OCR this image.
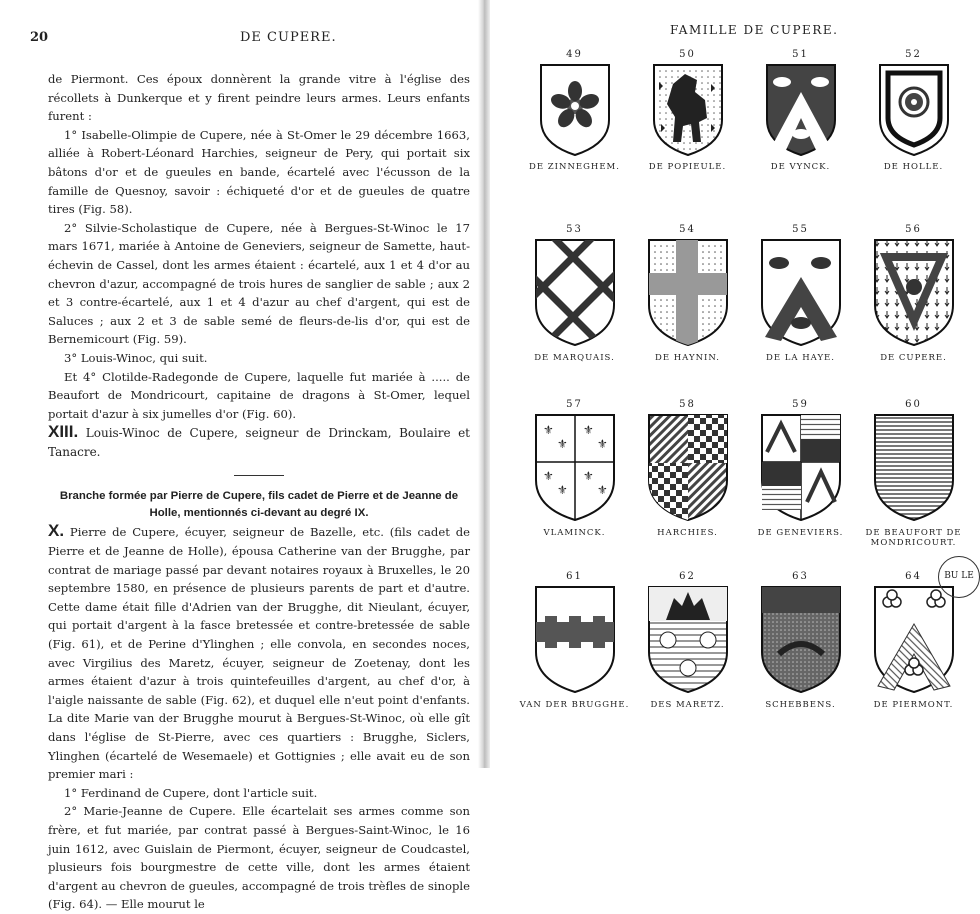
20	DE CUPERE.

de Piermont. Ces époux donnèrent la grande vitre à l'église des récollets à Dunkerque et y firent peindre leurs armes. Leurs enfants furent :

1° Isabelle-Olimpie de Cupere, née à St-Omer le 29 décembre 1663, alliée à Robert-Léonard Harchies, seigneur de Pery, qui portait six bâtons d'or et de gueules en bande, écartelé avec l'écusson de la famille de Quesnoy, savoir : échiqueté d'or et de gueules de quatre tires (Fig. 58).

2° Silvie-Scholastique de Cupere, née à Bergues-St-Winoc le 17 mars 1671, mariée à Antoine de Geneviers, seigneur de Samette, haut-échevin de Cassel, dont les armes étaient : écartelé, aux 1 et 4 d'or au chevron d'azur, accompagné de trois hures de sanglier de sable ; aux 2 et 3 contre-écartelé, aux 1 et 4 d'azur au chef d'argent, qui est de Saluces ; aux 2 et 3 de sable semé de fleurs-de-lis d'or, qui est de Bernemicourt (Fig. 59).

3° Louis-Winoc, qui suit.

Et 4° Clotilde-Radegonde de Cupere, laquelle fut mariée à ..... de Beaufort de Mondricourt, capitaine de dragons à St-Omer, lequel portait d'azur à six jumelles d'or (Fig. 60).

XIII. Louis-Winoc de Cupere, seigneur de Drinckam, Boulaire et Tanacre.

Branche formée par Pierre de Cupere, fils cadet de Pierre et de Jeanne de Holle, mentionnés ci-devant au degré IX.

X. Pierre de Cupere, écuyer, seigneur de Bazelle, etc. (fils cadet de Pierre et de Jeanne de Holle), épousa Catherine van der Brugghe, par contrat de mariage passé par devant notaires royaux à Bruxelles, le 20 septembre 1580, en présence de plusieurs parents de part et d'autre. Cette dame était fille d'Adrien van der Brugghe, dit Nieulant, écuyer, qui portait d'argent à la fasce bretessée et contre-bretessée de sable (Fig. 61), et de Perine d'Ylinghen ; elle convola, en secondes noces, avec Virgilius des Maretz, écuyer, seigneur de Zoetenay, dont les armes étaient d'azur à trois quintefeuilles d'argent, au chef d'or, à l'aigle naissante de sable (Fig. 62), et duquel elle n'eut point d'enfants. La dite Marie van der Brugghe mourut à Bergues-St-Winoc, où elle gît dans l'église de St-Pierre, avec ces quartiers : Brugghe, Siclers, Ylinghen (écartelé de Wesemaele) et Gottignies ; elle avait eu de son premier mari :

1° Ferdinand de Cupere, dont l'article suit.

2° Marie-Jeanne de Cupere. Elle écartelait ses armes comme son frère, et fut mariée, par contrat passé à Bergues-Saint-Winoc, le 16 juin 1612, avec Guislain de Piermont, écuyer, seigneur de Coudcastel, plusieurs fois bourgmestre de cette ville, dont les armes étaient d'argent au chevron de gueules, accompagné de trois trèfles de sinople (Fig. 64). — Elle mourut le

FAMILLE DE CUPERE.
49
DE ZINNEGHEM.
50
DE POPIEULE.
51
DE VYNCK.
52
DE HOLLE.
53
DE MARQUAIS.
54
DE HAYNIN.
55
DE LA HAYE.
56
DE CUPERE.
57
⚜
⚜
⚜
⚜
⚜
⚜
⚜
⚜
VLAMINCK.
58
HARCHIES.
59
DE GENEVIERS.
60
DE BEAUFORT DE MONDRICOURT.
61
VAN DER BRUGGHE.
62
DES MARETZ.
63
SCHEBBENS.
64
DE PIERMONT.
BU LE
